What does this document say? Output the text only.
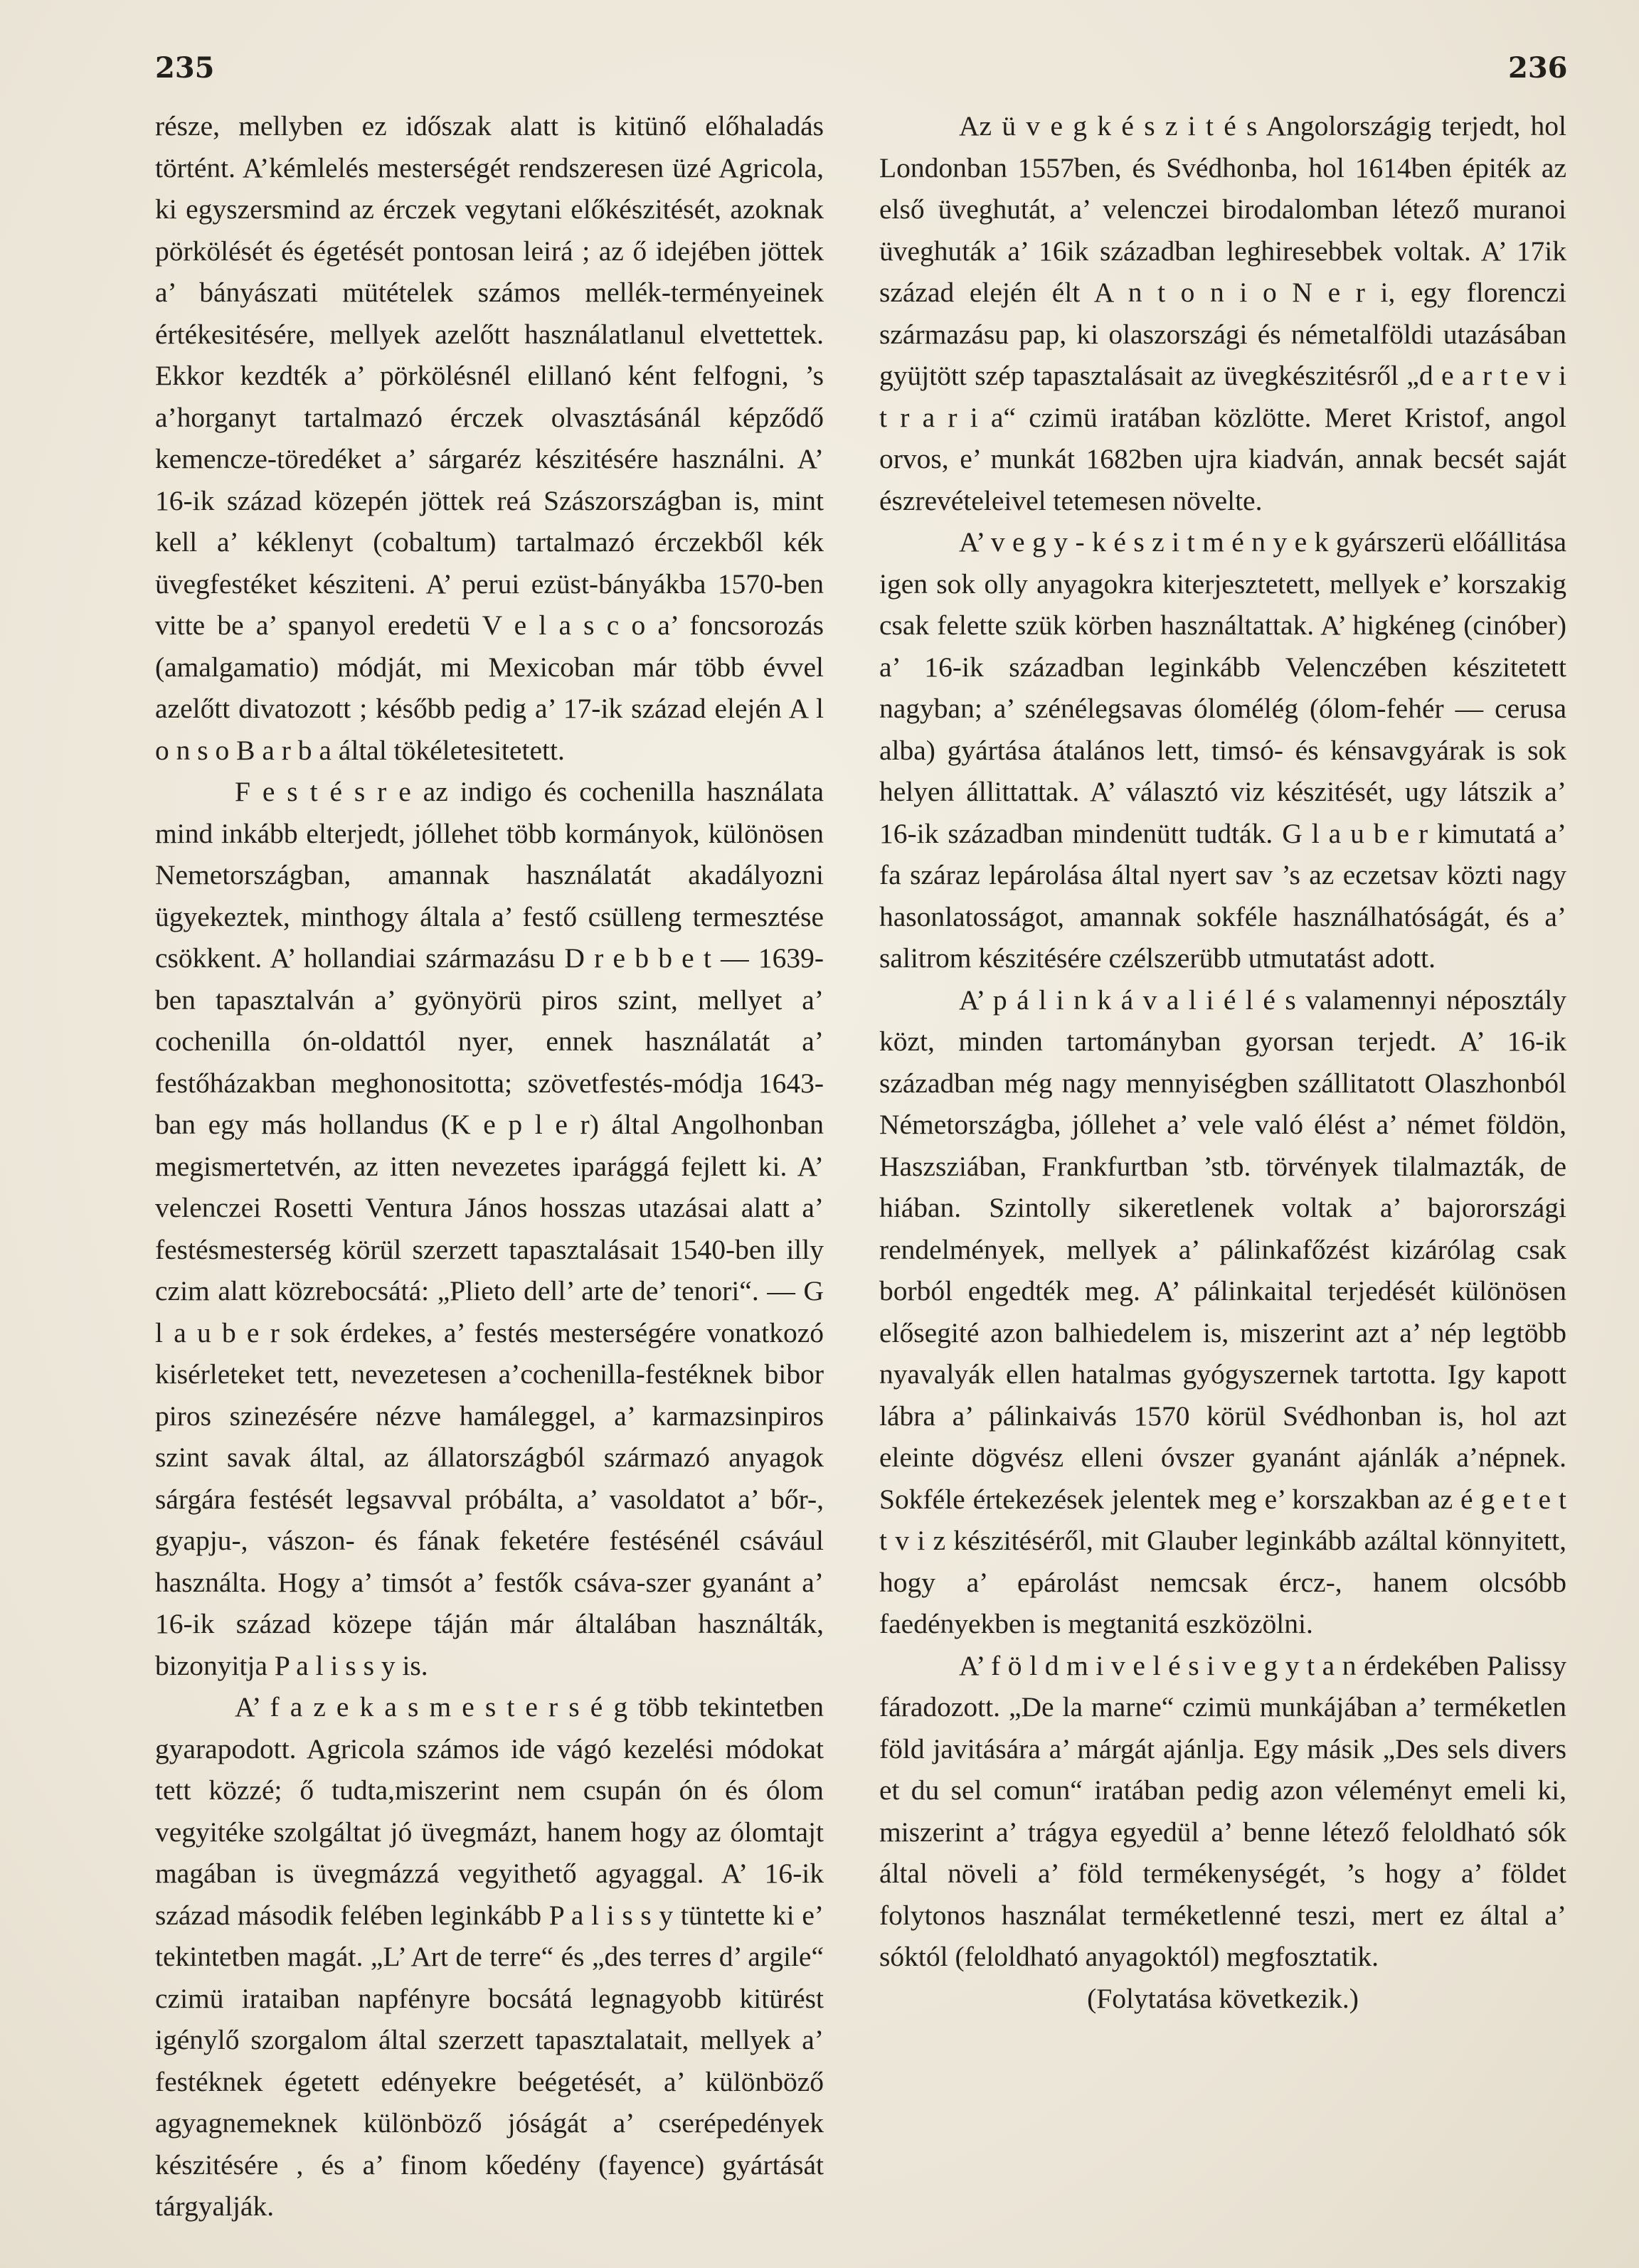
235	236

része, mellyben ez időszak alatt is kitünő előhaladás történt. A’kémlelés mesterségét rendszeresen üzé Agricola, ki egyszersmind az érczek vegytani előkészitését, azoknak pörkölését és égetését pontosan leirá ; az ő idejében jöttek a’ bányászati mütételek számos mellék-terményeinek értékesitésére, mellyek azelőtt használatlanul elvettettek. Ekkor kezdték a’ pörkölésnél elillanó ként felfogni, ’s a’horganyt tartalmazó érczek olvasztásánál képződő kemencze-töredéket a’ sárgaréz készitésére használni. A’ 16-ik század közepén jöttek reá Szászországban is, mint kell a’ kéklenyt (cobaltum) tartalmazó érczekből kék üvegfestéket késziteni. A’ perui ezüst-bányákba 1570-ben vitte be a’ spanyol eredetü V e l a s c o a’ foncsorozás (amalgamatio) módját, mi Mexicoban már több évvel azelőtt divatozott ; később pedig a’ 17-ik század elején A l o n s o B a r b a által tökéletesitetett.

F e s t é s r e az indigo és cochenilla használata mind inkább elterjedt, jóllehet több kormányok, különösen Nemetországban, amannak használatát akadályozni ügyekeztek, minthogy általa a’ festő csülleng termesztése csökkent. A’ hollandiai származásu D r e b b e t — 1639-ben tapasztalván a’ gyönyörü piros szint, mellyet a’ cochenilla ón-oldattól nyer, ennek használatát a’ festőházakban meghonositotta; szövetfestés-módja 1643-ban egy más hollandus (K e p l e r) által Angolhonban megismertetvén, az itten nevezetes iparággá fejlett ki. A’ velenczei Rosetti Ventura János hosszas utazásai alatt a’ festésmesterség körül szerzett tapasztalásait 1540-ben illy czim alatt közrebocsátá: „Plieto dell’ arte de’ tenori“. — G l a u b e r sok érdekes, a’ festés mesterségére vonatkozó kisérleteket tett, nevezetesen a’cochenilla-festéknek bibor piros szinezésére nézve hamáleggel, a’ karmazsinpiros szint savak által, az állatországból származó anyagok sárgára festését legsavval próbálta, a’ vasoldatot a’ bőr-, gyapju-, vászon- és fának feketére festésénél csávául használta. Hogy a’ timsót a’ festők csáva-szer gyanánt a’ 16-ik század közepe táján már általában használták, bizonyitja P a l i s s y is.

A’ f a z e k a s m e s t e r s é g több tekintetben gyarapodott. Agricola számos ide vágó kezelési módokat tett közzé; ő tudta,miszerint nem csupán ón és ólom vegyitéke szolgáltat jó üvegmázt, hanem hogy az ólomtajt magában is üvegmázzá vegyithető agyaggal. A’ 16-ik század második felében leginkább P a l i s s y tüntette ki e’ tekintetben magát. „L’ Art de terre“ és „des terres d’ argile“ czimü irataiban napfényre bocsátá legnagyobb kitürést igénylő szorgalom által szerzett tapasztalatait, mellyek a’ festéknek égetett edényekre beégetését, a’ különböző agyagnemeknek különböző jóságát a’ cserépedények készitésére , és a’ finom kőedény (fayence) gyártását tárgyalják.

Az ü v e g k é s z i t é s Angolországig terjedt, hol Londonban 1557ben, és Svédhonba, hol 1614ben épiték az első üveghutát, a’ velenczei birodalomban létező muranoi üveghuták a’ 16ik században leghiresebbek voltak. A’ 17ik század elején élt A n t o n i o N e r i, egy florenczi származásu pap, ki olaszországi és németalföldi utazásában gyüjtött szép tapasztalásait az üvegkészitésről „d e a r t e v i t r a r i a“ czimü iratában közlötte. Meret Kristof, angol orvos, e’ munkát 1682ben ujra kiadván, annak becsét saját észrevételeivel tetemesen növelte.

A’ v e g y - k é s z i t m é n y e k gyárszerü előállitása igen sok olly anyagokra kiterjesztetett, mellyek e’ korszakig csak felette szük körben használtattak. A’ higkéneg (cinóber) a’ 16-ik században leginkább Velenczében készitetett nagyban; a’ szénélegsavas ólomélég (ólom-fehér — cerusa alba) gyártása átalános lett, timsó- és kénsavgyárak is sok helyen állittattak. A’ választó viz készitését, ugy látszik a’ 16-ik században mindenütt tudták. G l a u b e r kimutatá a’ fa száraz lepárolása által nyert sav ’s az eczetsav közti nagy hasonlatosságot, amannak sokféle használhatóságát, és a’ salitrom készitésére czélszerübb utmutatást adott.

A’ p á l i n k á v a l i é l é s valamennyi néposztály közt, minden tartományban gyorsan terjedt. A’ 16-ik században még nagy mennyiségben szállitatott Olaszhonból Németországba, jóllehet a’ vele való élést a’ német földön, Haszsziában, Frankfurtban ’stb. törvények tilalmazták, de hiában. Szintolly sikeretlenek voltak a’ bajorországi rendelmények, mellyek a’ pálinkafőzést kizárólag csak borból engedték meg. A’ pálinkaital terjedését különösen elősegité azon balhiedelem is, miszerint azt a’ nép legtöbb nyavalyák ellen hatalmas gyógyszernek tartotta. Igy kapott lábra a’ pálinkaivás 1570 körül Svédhonban is, hol azt eleinte dögvész elleni óvszer gyanánt ajánlák a’népnek. Sokféle értekezések jelentek meg e’ korszakban az é g e t e t t v i z készitéséről, mit Glauber leginkább azáltal könnyitett, hogy a’ epárolást nemcsak ércz-, hanem olcsóbb faedényekben is megtanitá eszközölni.

A’ f ö l d m i v e l é s i v e g y t a n érdekében Palissy fáradozott. „De la marne“ czimü munkájában a’ terméketlen föld javitására a’ márgát ajánlja. Egy másik „Des sels divers et du sel comun“ iratában pedig azon véleményt emeli ki, miszerint a’ trágya egyedül a’ benne létező feloldható sók által növeli a’ föld termékenységét, ’s hogy a’ földet folytonos használat terméketlenné teszi, mert ez által a’ sóktól (feloldható anyagoktól) megfosztatik.

(Folytatása következik.)
